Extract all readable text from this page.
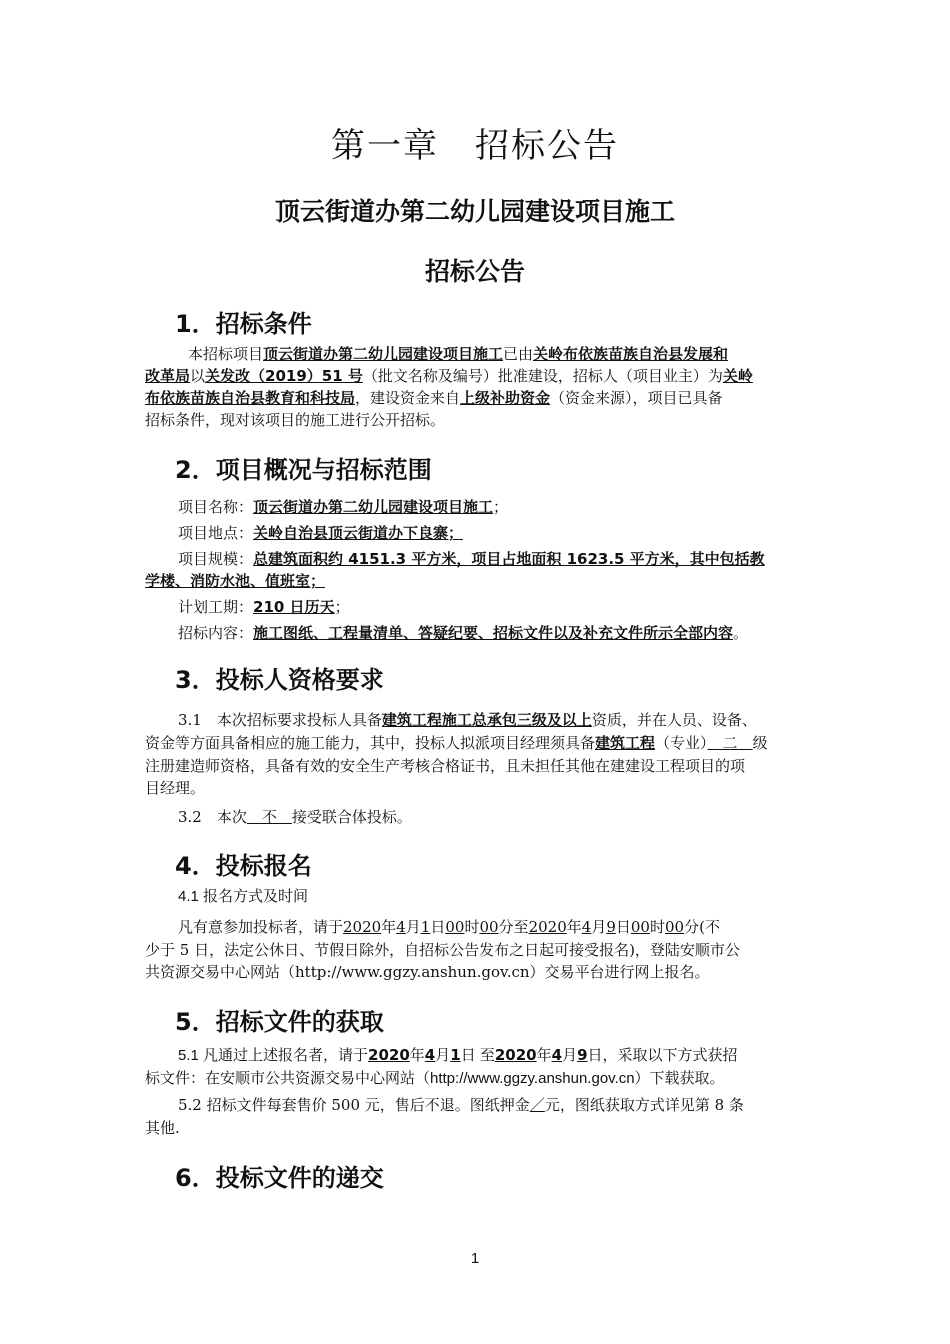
第一章　招标公告
顶云街道办第二幼儿园建设项目施工
招标公告
1．招标条件
本招标项目顶云街道办第二幼儿园建设项目施工已由关岭布依族苗族自治县发展和
改革局以关发改（2019）51 号（批文名称及编号）批准建设，招标人（项目业主）为关岭
布依族苗族自治县教育和科技局，建设资金来自上级补助资金（资金来源），项目已具备
招标条件，现对该项目的施工进行公开招标。
2．项目概况与招标范围
项目名称：顶云街道办第二幼儿园建设项目施工；
项目地点：关岭自治县顶云街道办下良寨；
项目规模：总建筑面积约 4151.3 平方米，项目占地面积 1623.5 平方米，其中包括教
学楼、消防水池、值班室；
计划工期：210 日历天；
招标内容：施工图纸、工程量清单、答疑纪要、招标文件以及补充文件所示全部内容。
3．投标人资格要求
3.1　本次招标要求投标人具备建筑工程施工总承包三级及以上资质，并在人员、设备、
资金等方面具备相应的施工能力，其中，投标人拟派项目经理须具备建筑工程（专业）　二　级
注册建造师资格，具备有效的安全生产考核合格证书，且未担任其他在建建设工程项目的项
目经理。
3.2　本次　不　接受联合体投标。
4．投标报名
4.1 报名方式及时间
凡有意参加投标者，请于2020年4月1日00时00分至2020年4月9日00时00分(不
少于 5 日，法定公休日、节假日除外，自招标公告发布之日起可接受报名)，登陆安顺市公
共资源交易中心网站（http://www.ggzy.anshun.gov.cn）交易平台进行网上报名。
5．招标文件的获取
5.1 凡通过上述报名者，请于2020年4月1日 至2020年4月9日，采取以下方式获招
标文件：在安顺市公共资源交易中心网站（http://www.ggzy.anshun.gov.cn）下载获取。
5.2 招标文件每套售价 500 元，售后不退。图纸押金／元，图纸获取方式详见第 8 条
其他.
6．投标文件的递交
1
